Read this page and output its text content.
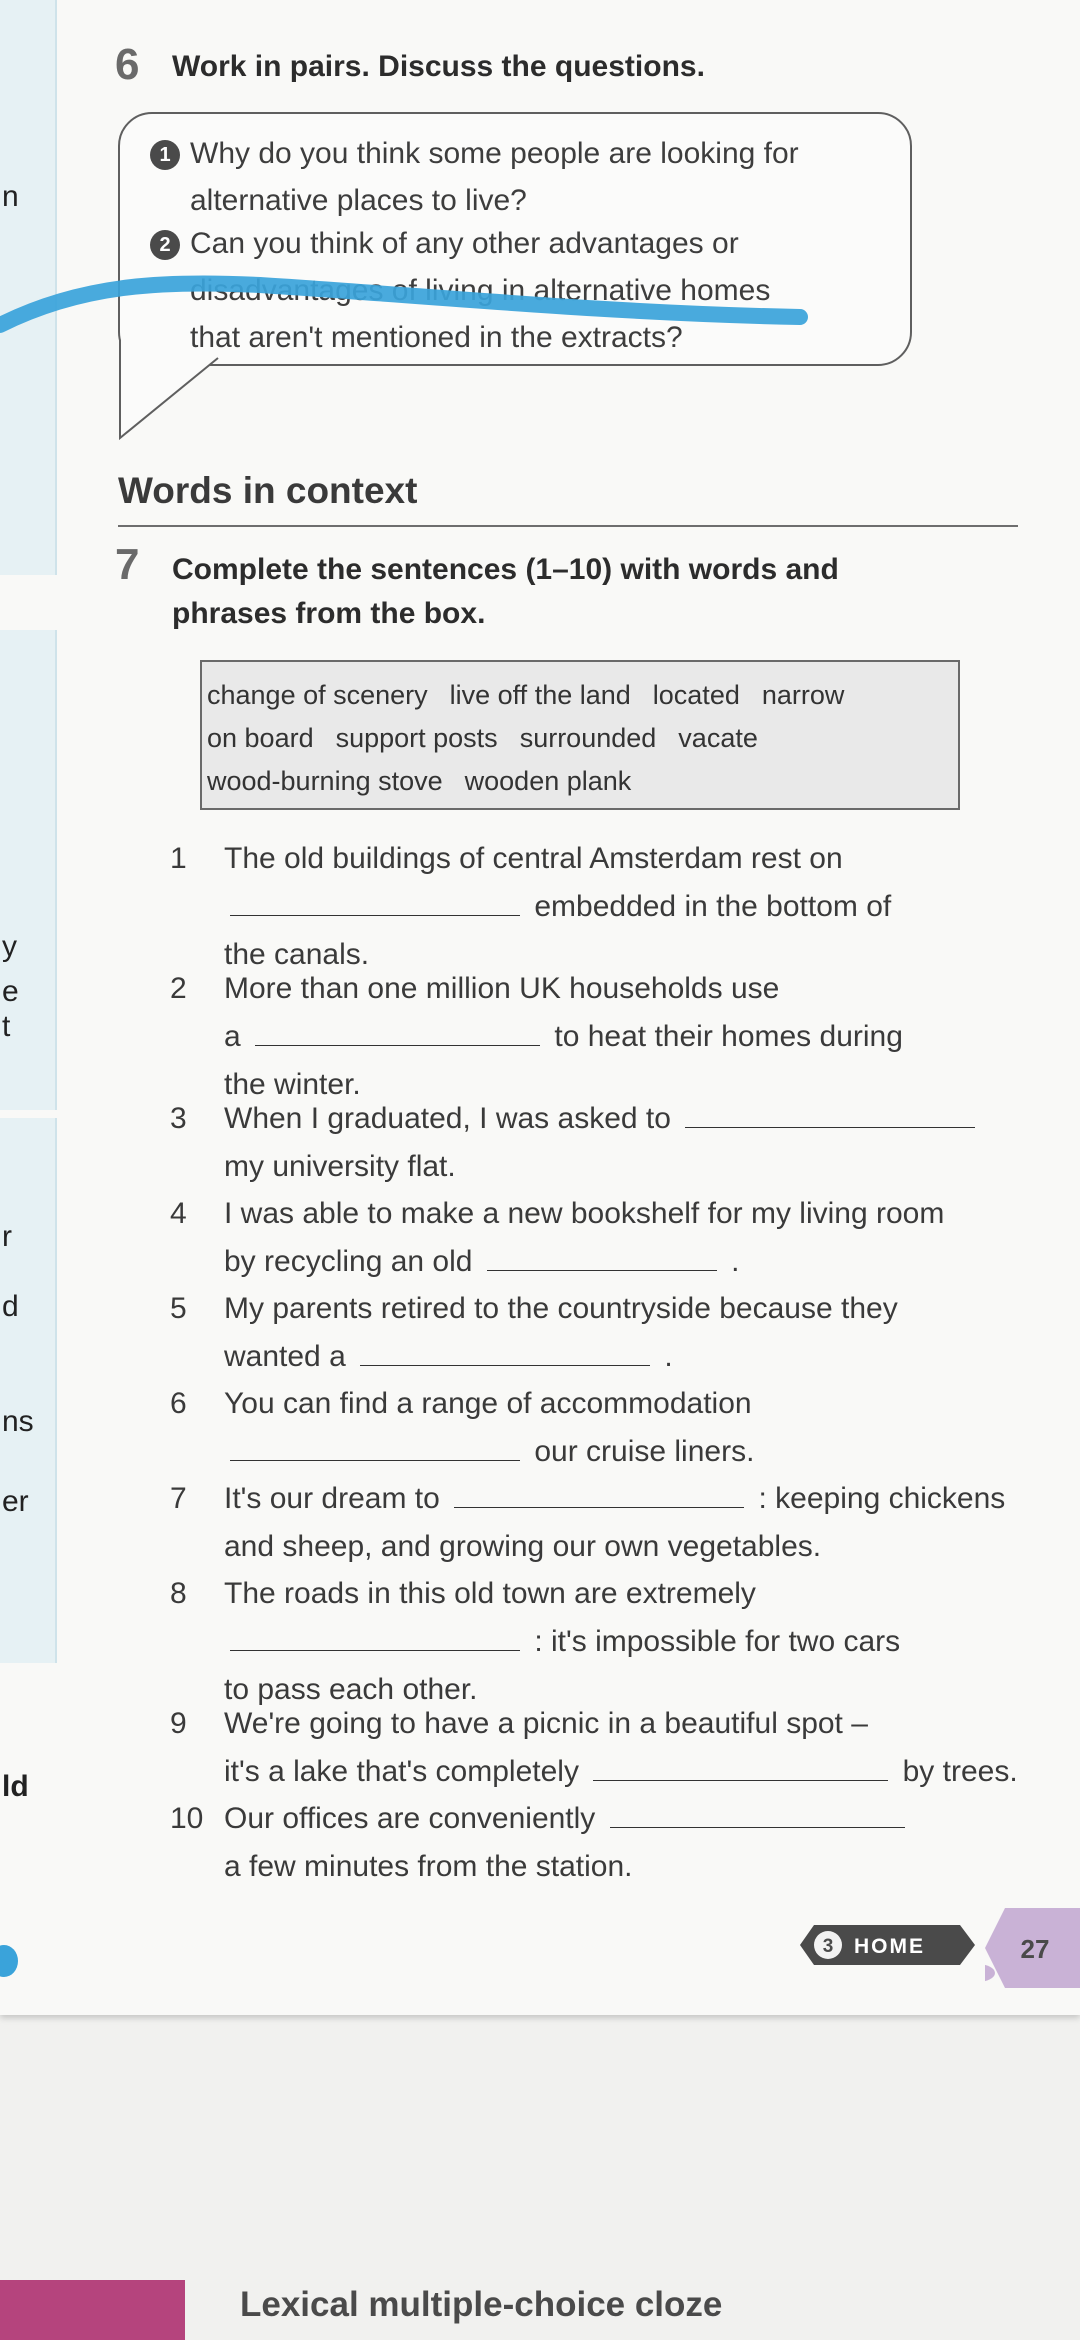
n
y
e
t
r
d
ns
er
ld
6 Work in pairs. Discuss the questions.
1 Why do you think some people are looking for
alternative places to live?
2 Can you think of any other advantages or
disadvantages of living in alternative homes
that aren't mentioned in the extracts?
Words in context
7 Complete the sentences (1–10) with words and
phrases from the box.
change of scenery live off the land located narrow
on board support posts surrounded vacate
wood-burning stove wooden plank
1 The old buildings of central Amsterdam rest on
embedded in the bottom of
the canals.
2 More than one million UK households use
a	to heat their homes during
the winter.
3 When I graduated, I was asked to
my university flat.
4 I was able to make a new bookshelf for my living room
by recycling an old	.
5 My parents retired to the countryside because they
wanted a	.
6 You can find a range of accommodation
our cruise liners.
7 It's our dream to	: keeping chickens
and sheep, and growing our own vegetables.
8 The roads in this old town are extremely
: it's impossible for two cars
to pass each other.
9 We're going to have a picnic in a beautiful spot –
it's a lake that's completely	by trees.
10 Our offices are conveniently
a few minutes from the station.
3 HOME	27
Lexical multiple-choice cloze
